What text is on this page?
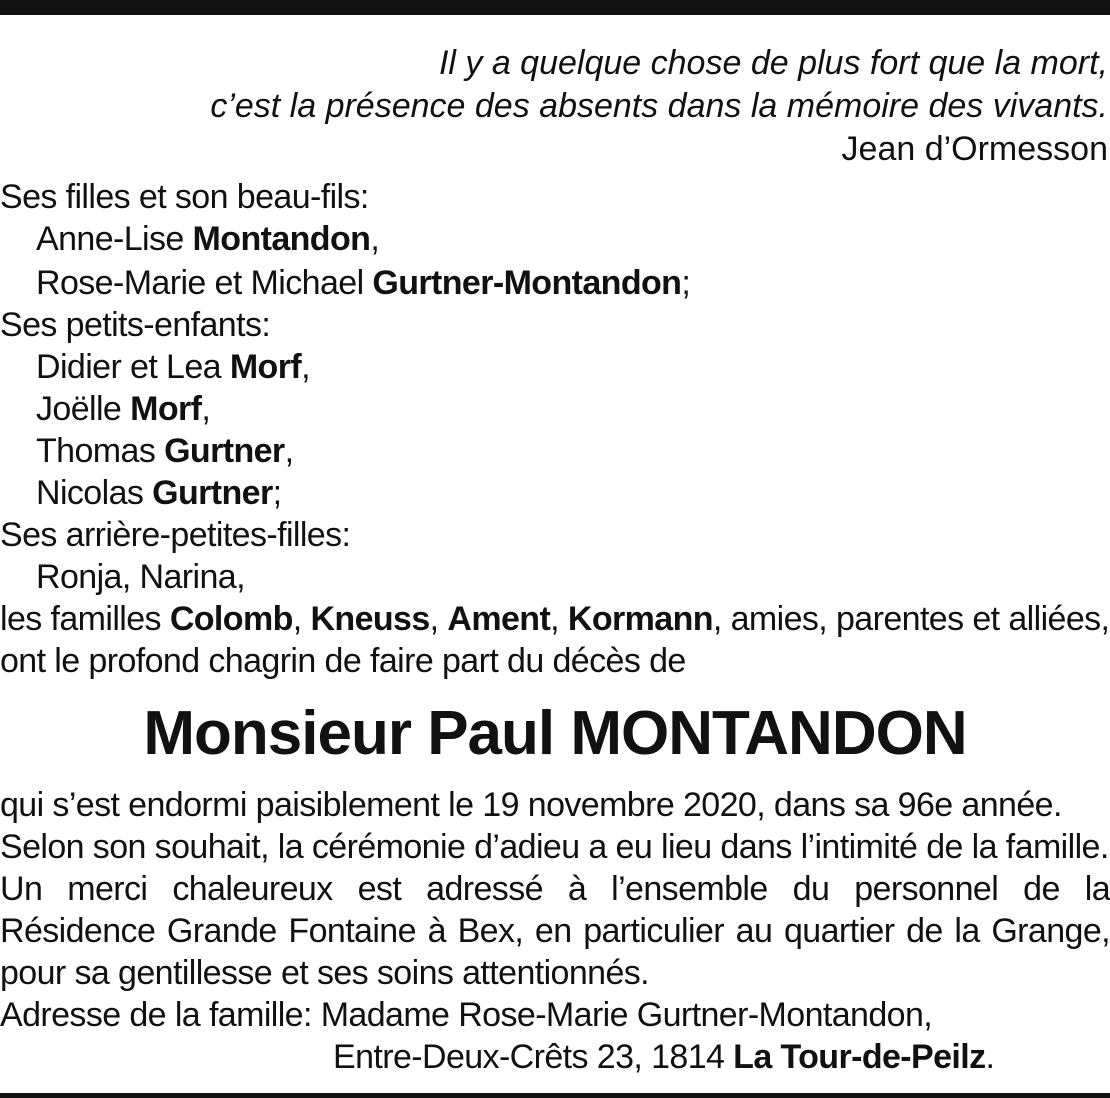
Il y a quelque chose de plus fort que la mort,
c’est la présence des absents dans la mémoire des vivants.
Jean d’Ormesson
Ses filles et son beau-fils:
Anne-Lise Montandon,
Rose-Marie et Michael Gurtner-Montandon;
Ses petits-enfants:
Didier et Lea Morf,
Joëlle Morf,
Thomas Gurtner,
Nicolas Gurtner;
Ses arrière-petites-filles:
Ronja, Narina,
les familles Colomb, Kneuss, Ament, Kormann, amies, parentes et alliées,
ont le profond chagrin de faire part du décès de
Monsieur Paul MONTANDON
qui s’est endormi paisiblement le 19 novembre 2020, dans sa 96e année.
Selon son souhait, la cérémonie d’adieu a eu lieu dans l’intimité de la famille.
Un merci chaleureux est adressé à l’ensemble du personnel de la Résidence Grande Fontaine à Bex, en particulier au quartier de la Grange, pour sa gentillesse et ses soins attentionnés.
Adresse de la famille: Madame Rose-Marie Gurtner-Montandon,
Entre-Deux-Crêts 23, 1814 La Tour-de-Peilz.
